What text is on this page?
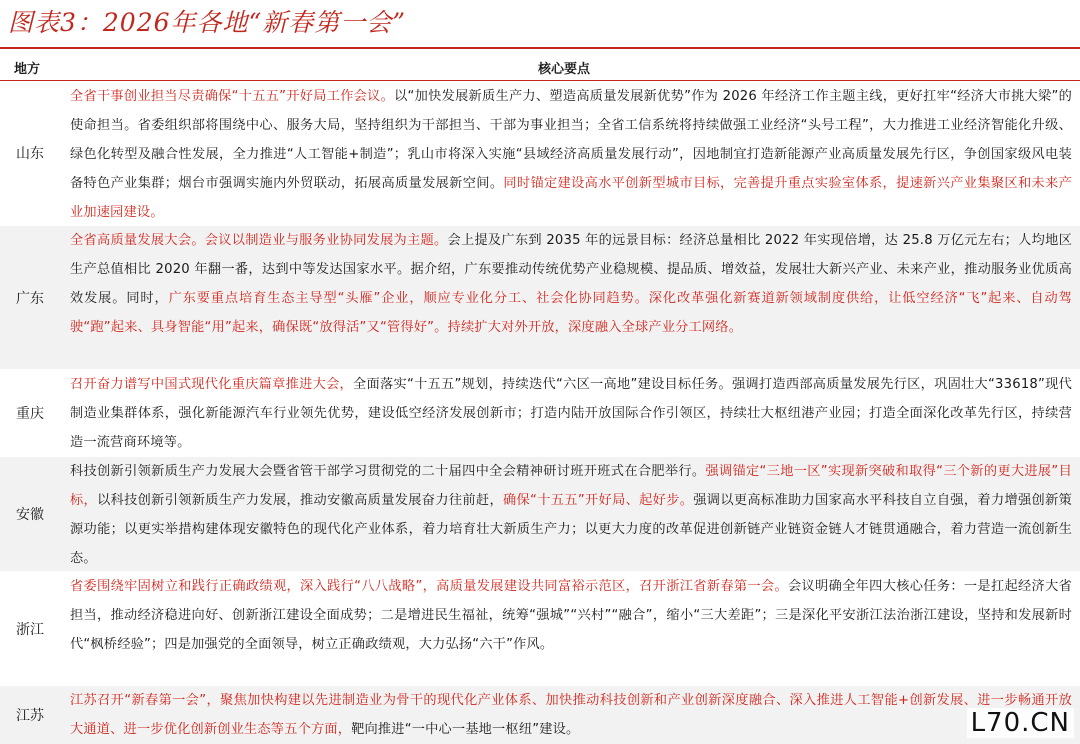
图表3：2026年各地“新春第一会”
地方	核心要点
山东
全省干事创业担当尽责确保“十五五”开好局工作会议。以“加快发展新质生产力、塑造高质量发展新优势”作为 2026 年经济工作主题主线，更好扛牢“经济大市挑大梁”的使命担当。省委组织部将围绕中心、服务大局，坚持组织为干部担当、干部为事业担当；全省工信系统将持续做强工业经济“头号工程”，大力推进工业经济智能化升级、绿色化转型及融合性发展，全力推进“人工智能+制造”；乳山市将深入实施“县域经济高质量发展行动”，因地制宜打造新能源产业高质量发展先行区，争创国家级风电装备特色产业集群；烟台市强调实施内外贸联动，拓展高质量发展新空间。同时锚定建设高水平创新型城市目标，完善提升重点实验室体系，提速新兴产业集聚区和未来产业加速园建设。
广东
全省高质量发展大会。会议以制造业与服务业协同发展为主题。会上提及广东到 2035 年的远景目标：经济总量相比 2022 年实现倍增，达 25.8 万亿元左右；人均地区生产总值相比 2020 年翻一番，达到中等发达国家水平。据介绍，广东要推动传统优势产业稳规模、提品质、增效益，发展壮大新兴产业、未来产业，推动服务业优质高效发展。同时，广东要重点培育生态主导型“头雁”企业，顺应专业化分工、社会化协同趋势。深化改革强化新赛道新领域制度供给，让低空经济“飞”起来、自动驾驶“跑”起来、具身智能“用”起来，确保既“放得活”又“管得好”。持续扩大对外开放，深度融入全球产业分工网络。
重庆
召开奋力谱写中国式现代化重庆篇章推进大会，全面落实“十五五”规划，持续迭代“六区一高地”建设目标任务。强调打造西部高质量发展先行区，巩固壮大“33618”现代制造业集群体系，强化新能源汽车行业领先优势，建设低空经济发展创新市；打造内陆开放国际合作引领区，持续壮大枢纽港产业园；打造全面深化改革先行区，持续营造一流营商环境等。
安徽
科技创新引领新质生产力发展大会暨省管干部学习贯彻党的二十届四中全会精神研讨班开班式在合肥举行。强调锚定“三地一区”实现新突破和取得“三个新的更大进展”目标，以科技创新引领新质生产力发展，推动安徽高质量发展奋力往前赶，确保“十五五”开好局、起好步。强调以更高标准助力国家高水平科技自立自强，着力增强创新策源功能；以更实举措构建体现安徽特色的现代化产业体系，着力培育壮大新质生产力；以更大力度的改革促进创新链产业链资金链人才链贯通融合，着力营造一流创新生态。
浙江
省委围绕牢固树立和践行正确政绩观，深入践行“八八战略”，高质量发展建设共同富裕示范区，召开浙江省新春第一会。会议明确全年四大核心任务：一是扛起经济大省担当，推动经济稳进向好、创新浙江建设全面成势；二是增进民生福祉，统筹“强城”“兴村”“融合”，缩小“三大差距”；三是深化平安浙江法治浙江建设，坚持和发展新时代“枫桥经验”；四是加强党的全面领导，树立正确政绩观，大力弘扬“六干”作风。
江苏
江苏召开“新春第一会”，聚焦加快构建以先进制造业为骨干的现代化产业体系、加快推动科技创新和产业创新深度融合、深入推进人工智能+创新发展、进一步畅通开放大通道、进一步优化创新创业生态等五个方面，靶向推进“一中心一基地一枢纽”建设。	L70.CN
